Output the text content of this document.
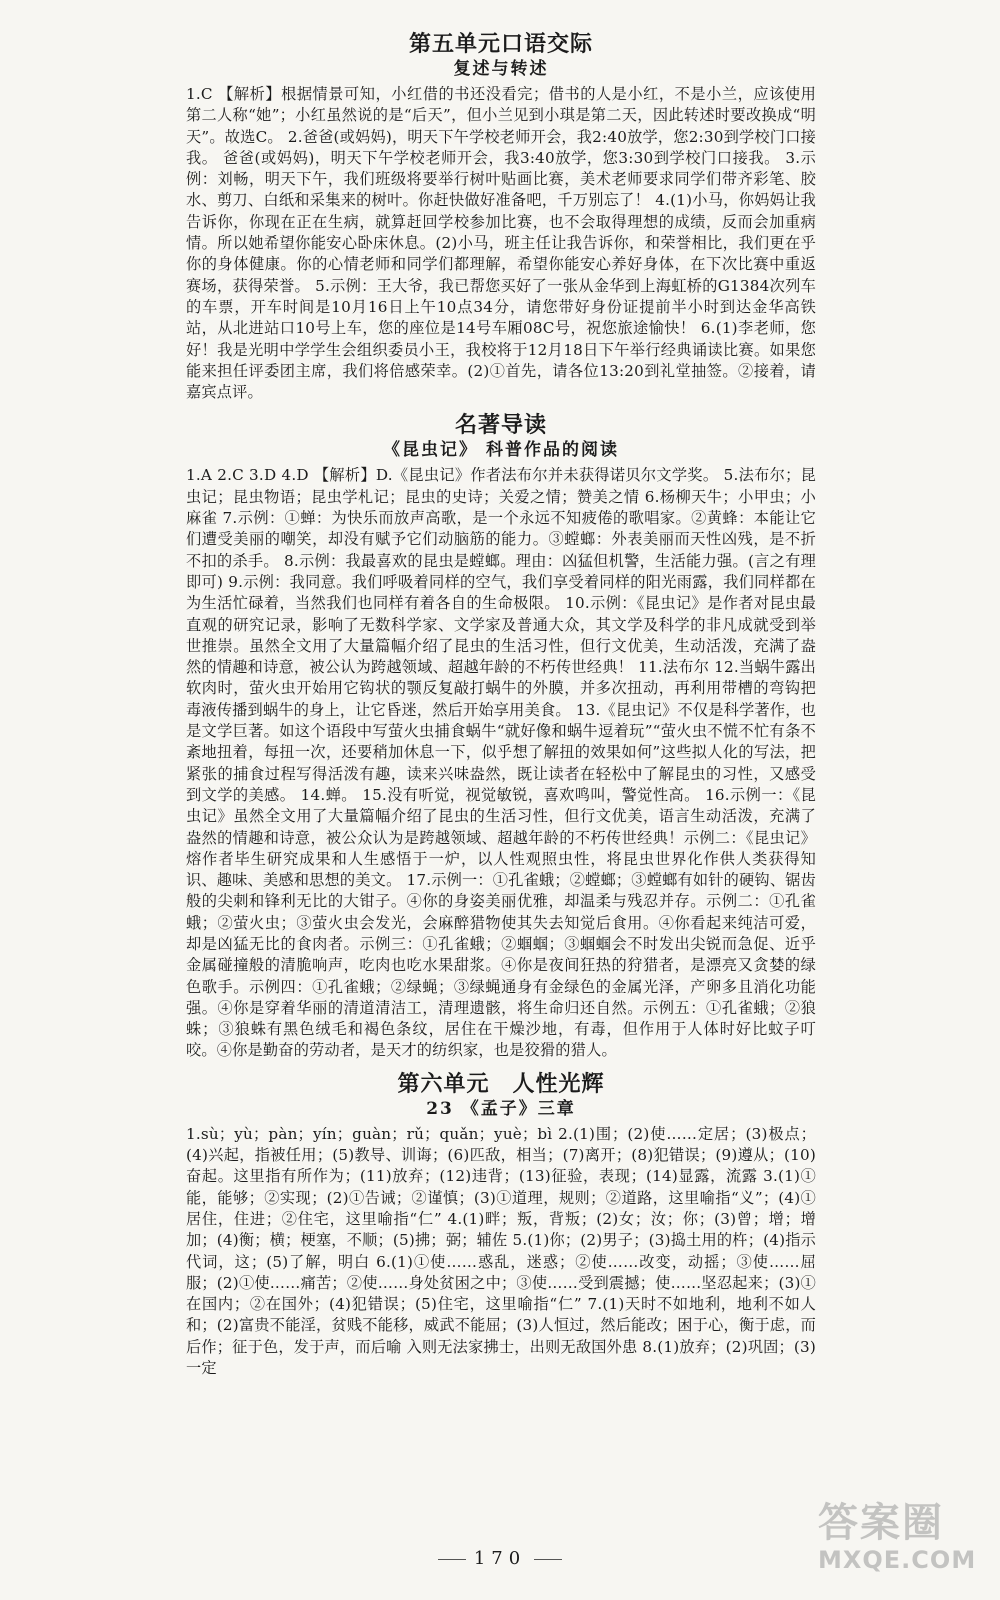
第五单元口语交际
复述与转述

1.C 【解析】根据情景可知，小红借的书还没看完；借书的人是小红，不是小兰，应该使用第二人称“她”；小红虽然说的是“后天”，但小兰见到小琪是第二天，因此转述时要改换成“明天”。故选C。 2.爸爸(或妈妈)，明天下午学校老师开会，我2:40放学，您2:30到学校门口接我。 爸爸(或妈妈)，明天下午学校老师开会，我3:40放学，您3:30到学校门口接我。 3.示例：刘畅，明天下午，我们班级将要举行树叶贴画比赛，美术老师要求同学们带齐彩笔、胶水、剪刀、白纸和采集来的树叶。你赶快做好准备吧，千万别忘了！ 4.(1)小马，你妈妈让我告诉你，你现在正在生病，就算赶回学校参加比赛，也不会取得理想的成绩，反而会加重病情。所以她希望你能安心卧床休息。(2)小马，班主任让我告诉你，和荣誉相比，我们更在乎你的身体健康。你的心情老师和同学们都理解，希望你能安心养好身体，在下次比赛中重返赛场，获得荣誉。 5.示例：王大爷，我已帮您买好了一张从金华到上海虹桥的G1384次列车的车票，开车时间是10月16日上午10点34分，请您带好身份证提前半小时到达金华高铁站，从北进站口10号上车，您的座位是14号车厢08C号，祝您旅途愉快！ 6.(1)李老师，您好！我是光明中学学生会组织委员小王，我校将于12月18日下午举行经典诵读比赛。如果您能来担任评委团主席，我们将倍感荣幸。(2)①首先，请各位13:20到礼堂抽签。②接着，请嘉宾点评。

名著导读
《昆虫记》 科普作品的阅读

1.A 2.C 3.D 4.D 【解析】D.《昆虫记》作者法布尔并未获得诺贝尔文学奖。 5.法布尔；昆虫记；昆虫物语；昆虫学札记；昆虫的史诗；关爱之情；赞美之情 6.杨柳天牛；小甲虫；小麻雀 7.示例：①蝉：为快乐而放声高歌，是一个永远不知疲倦的歌唱家。②黄蜂：本能让它们遭受美丽的嘲笑，却没有赋予它们动脑筋的能力。③螳螂：外表美丽而天性凶残，是不折不扣的杀手。 8.示例：我最喜欢的昆虫是螳螂。理由：凶猛但机警，生活能力强。(言之有理即可) 9.示例：我同意。我们呼吸着同样的空气，我们享受着同样的阳光雨露，我们同样都在为生活忙碌着，当然我们也同样有着各自的生命极限。 10.示例：《昆虫记》是作者对昆虫最直观的研究记录，影响了无数科学家、文学家及普通大众，其文学及科学的非凡成就受到举世推崇。虽然全文用了大量篇幅介绍了昆虫的生活习性，但行文优美，生动活泼，充满了盎然的情趣和诗意，被公认为跨越领域、超越年龄的不朽传世经典！ 11.法布尔 12.当蜗牛露出软肉时，萤火虫开始用它钩状的颚反复敲打蜗牛的外膜，并多次扭动，再利用带槽的弯钩把毒液传播到蜗牛的身上，让它昏迷，然后开始享用美食。 13.《昆虫记》不仅是科学著作，也是文学巨著。如这个语段中写萤火虫捕食蜗牛“就好像和蜗牛逗着玩”“萤火虫不慌不忙有条不紊地扭着，每扭一次，还要稍加休息一下，似乎想了解扭的效果如何”这些拟人化的写法，把紧张的捕食过程写得活泼有趣，读来兴味盎然，既让读者在轻松中了解昆虫的习性，又感受到文学的美感。 14.蝉。 15.没有听觉，视觉敏锐，喜欢鸣叫，警觉性高。 16.示例一：《昆虫记》虽然全文用了大量篇幅介绍了昆虫的生活习性，但行文优美，语言生动活泼，充满了盎然的情趣和诗意，被公众认为是跨越领域、超越年龄的不朽传世经典！示例二：《昆虫记》熔作者毕生研究成果和人生感悟于一炉，以人性观照虫性，将昆虫世界化作供人类获得知识、趣味、美感和思想的美文。 17.示例一：①孔雀蛾；②螳螂；③螳螂有如针的硬钩、锯齿般的尖刺和锋利无比的大钳子。④你的身姿美丽优雅，却温柔与残忍并存。示例二：①孔雀蛾；②萤火虫；③萤火虫会发光，会麻醉猎物使其失去知觉后食用。④你看起来纯洁可爱，却是凶猛无比的食肉者。示例三：①孔雀蛾；②蝈蝈；③蝈蝈会不时发出尖锐而急促、近乎金属碰撞般的清脆响声，吃肉也吃水果甜浆。④你是夜间狂热的狩猎者，是漂亮又贪婪的绿色歌手。示例四：①孔雀蛾；②绿蝇；③绿蝇通身有金绿色的金属光泽，产卵多且消化功能强。④你是穿着华丽的清道清洁工，清理遗骸，将生命归还自然。示例五：①孔雀蛾；②狼蛛；③狼蛛有黑色绒毛和褐色条纹，居住在干燥沙地，有毒，但作用于人体时好比蚊子叮咬。④你是勤奋的劳动者，是天才的纺织家，也是狡猾的猎人。

第六单元　人性光辉
23 《孟子》三章

1.sù；yù；pàn；yín；guàn；rǔ；quǎn；yuè；bì 2.(1)围；(2)使……定居；(3)极点；(4)兴起，指被任用；(5)教导、训诲；(6)匹敌，相当；(7)离开；(8)犯错误；(9)遵从；(10)奋起。这里指有所作为；(11)放弃；(12)违背；(13)征验，表现；(14)显露，流露 3.(1)①能，能够；②实现；(2)①告诫；②谨慎；(3)①道理，规则；②道路，这里喻指“义”；(4)①居住，住进；②住宅，这里喻指“仁” 4.(1)畔；叛，背叛；(2)女；汝；你；(3)曾；增；增加；(4)衡；横；梗塞，不顺；(5)拂；弼；辅佐 5.(1)你；(2)男子；(3)捣土用的杵；(4)指示代词，这；(5)了解，明白 6.(1)①使……惑乱，迷惑；②使……改变，动摇；③使……屈服；(2)①使……痛苦；②使……身处贫困之中；③使……受到震撼；使……坚忍起来；(3)①在国内；②在国外；(4)犯错误；(5)住宅，这里喻指“仁” 7.(1)天时不如地利，地利不如人和；(2)富贵不能淫，贫贱不能移，威武不能屈；(3)人恒过，然后能改；困于心，衡于虑，而后作；征于色，发于声，而后喻 入则无法家拂士，出则无敌国外患 8.(1)放弃；(2)巩固；(3)一定

170
答案圈
MXQE.COM
